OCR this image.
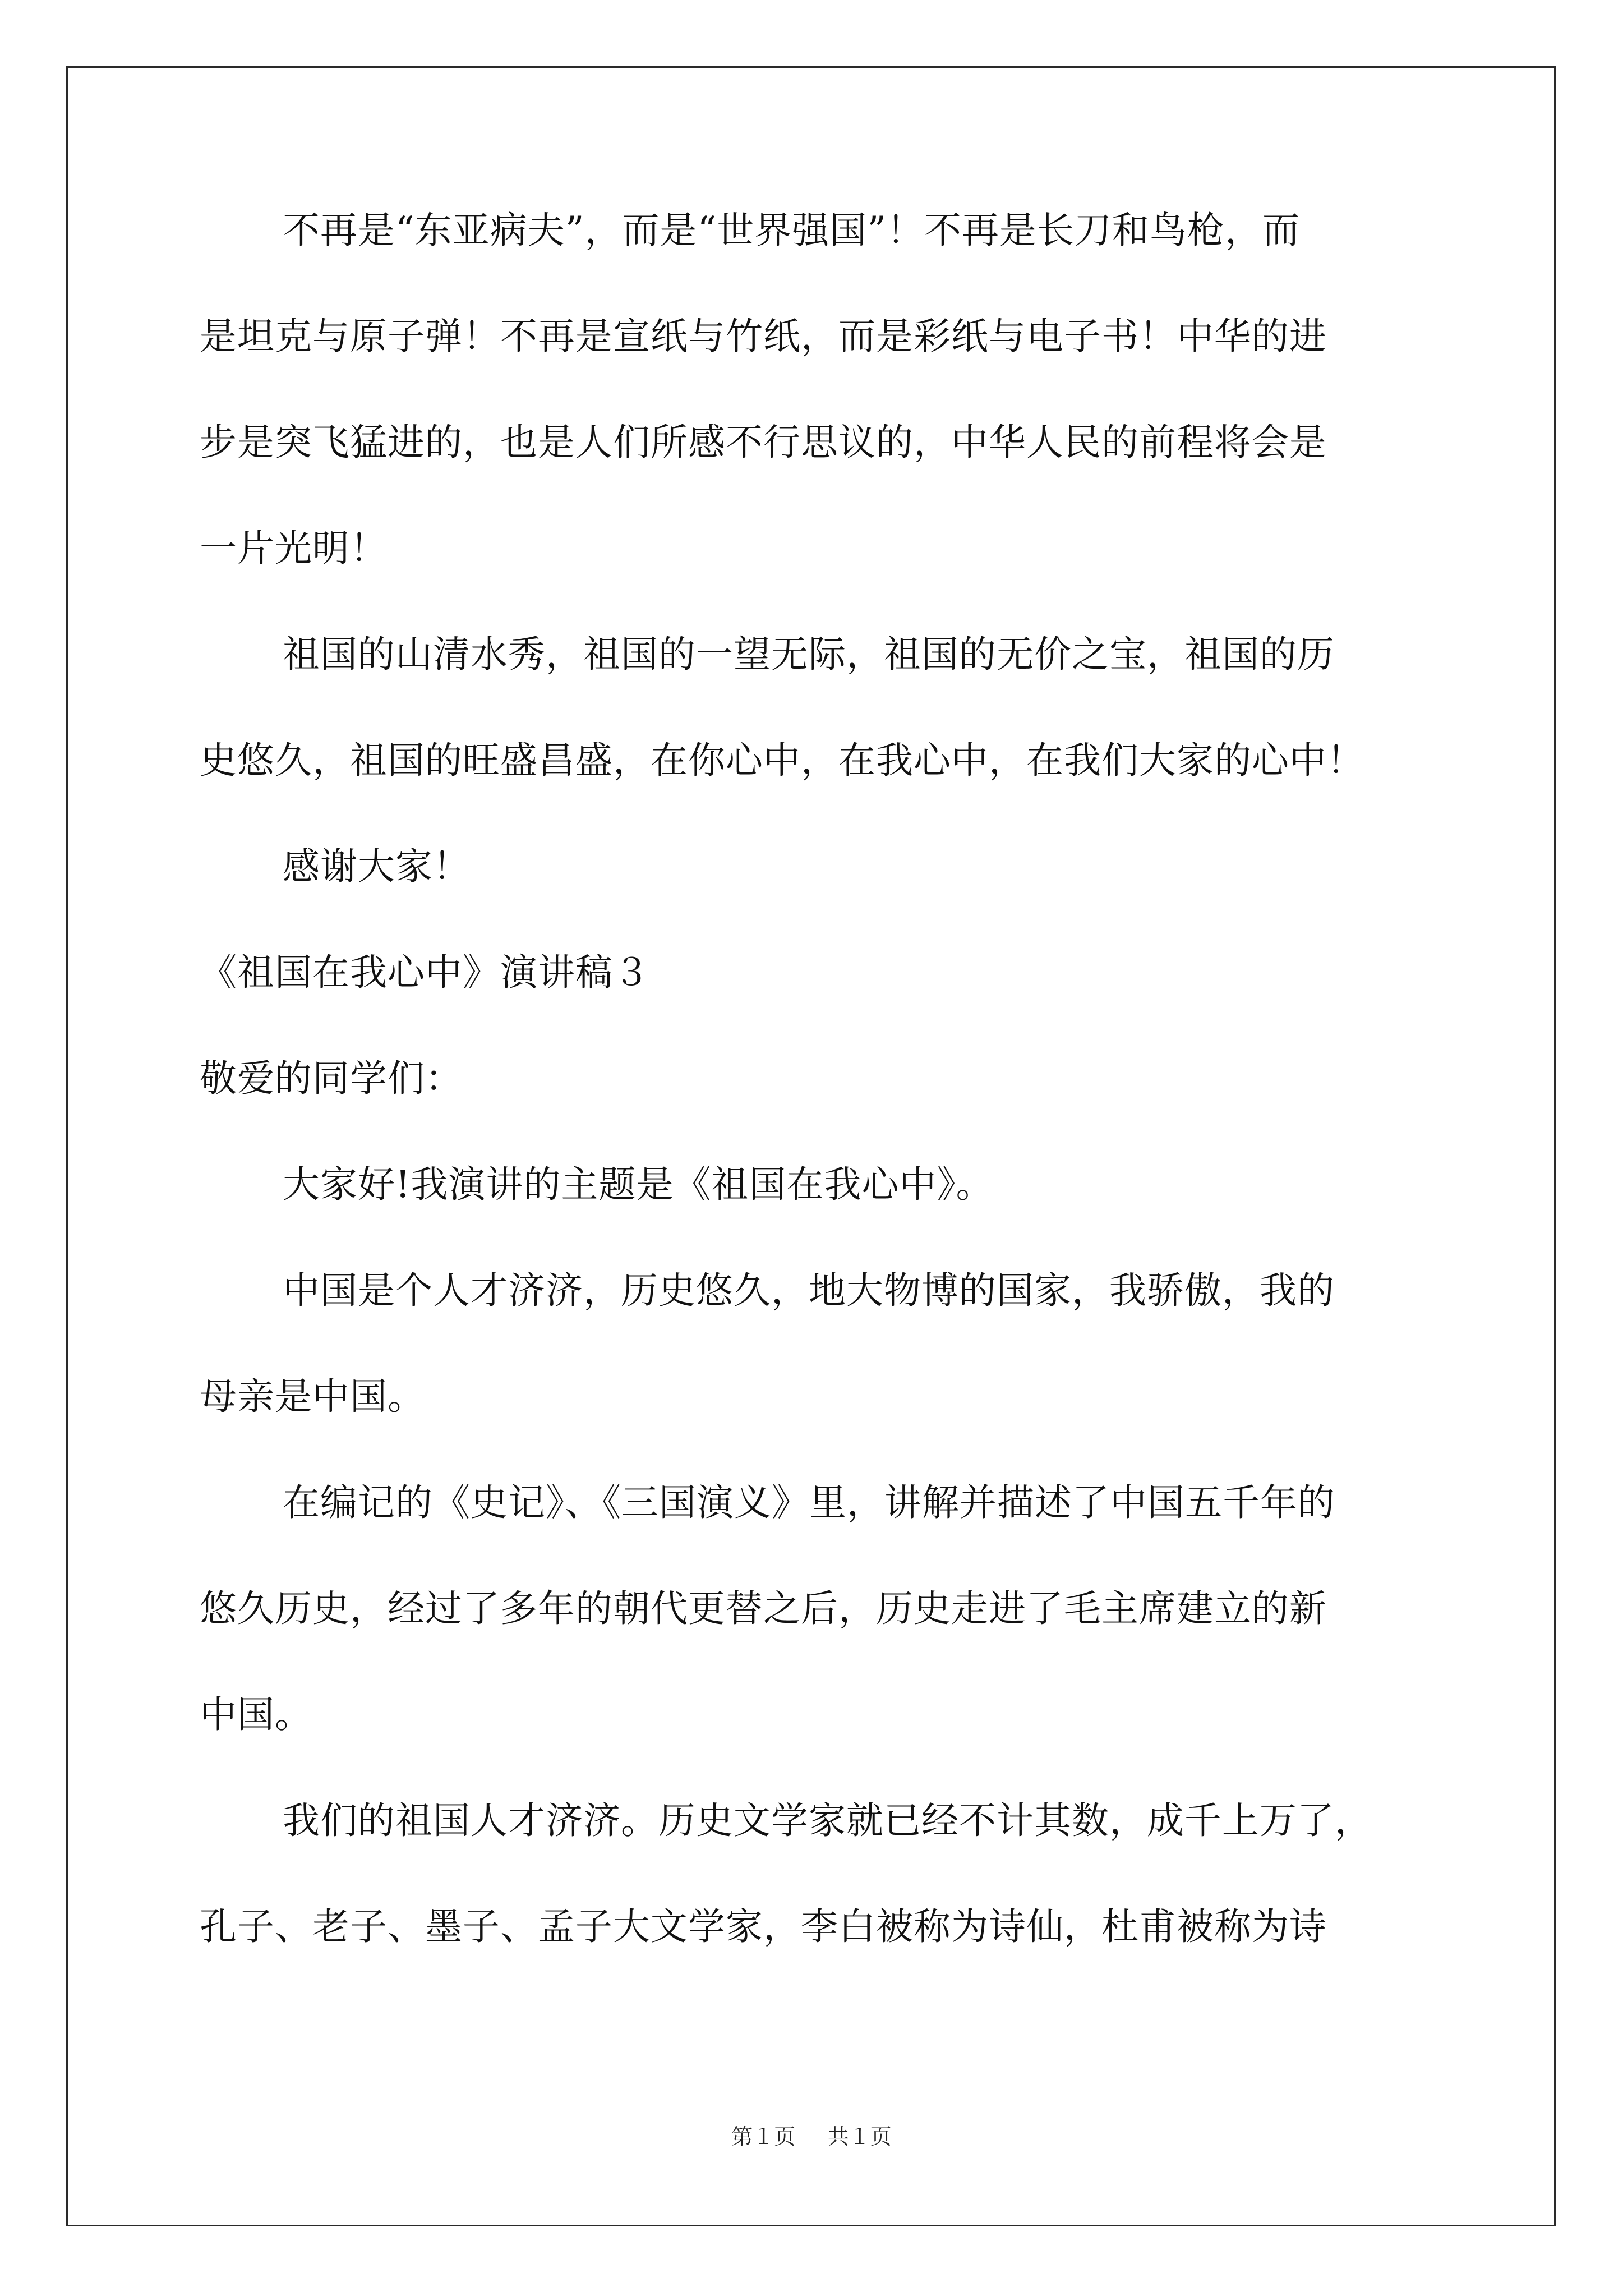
不再是“东亚病夫”，而是“世界强国”！不再是长刀和鸟枪，而

是坦克与原子弹！不再是宣纸与竹纸，而是彩纸与电子书！中华的进

步是突飞猛进的，也是人们所感不行思议的，中华人民的前程将会是

一片光明！

祖国的山清水秀，祖国的一望无际，祖国的无价之宝，祖国的历

史悠久，祖国的旺盛昌盛，在你心中，在我心中，在我们大家的心中！

感谢大家！

《祖国在我心中》演讲稿３

敬爱的同学们：

大家好!我演讲的主题是《祖国在我心中》。

中国是个人才济济，历史悠久，地大物博的国家，我骄傲，我的

母亲是中国。

在编记的《史记》、《三国演义》里，讲解并描述了中国五千年的

悠久历史，经过了多年的朝代更替之后，历史走进了毛主席建立的新

中国。

我们的祖国人才济济。历史文学家就已经不计其数，成千上万了，

孔子、老子、墨子、孟子大文学家，李白被称为诗仙，杜甫被称为诗

第１页 共１页
